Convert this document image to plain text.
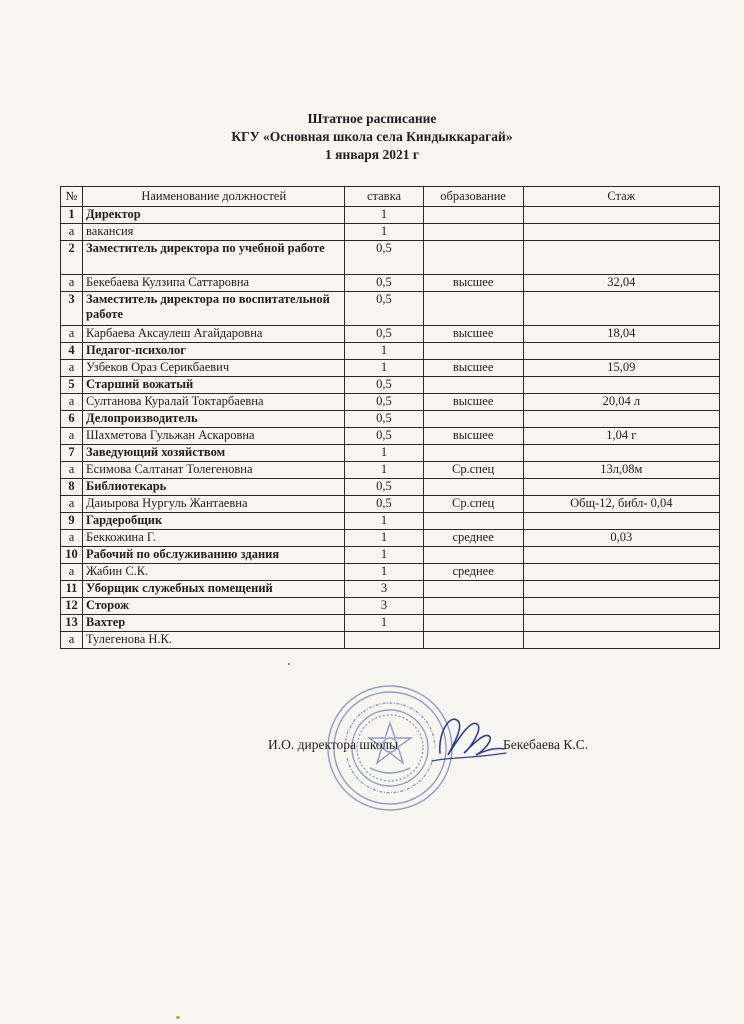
Штатное расписание
КГУ «Основная школа села Киндыккарагай»
1 января 2021 г
№	Наименование должностей	ставка	образование	Стаж
1	Директор	1		
а	вакансия	1		
2	Заместитель директора по учебной работе	0,5		
а	Бекебаева Кулзипа Саттаровна	0,5	высшее	32,04
3	Заместитель директора по воспитательной работе	0,5		
а	Карбаева Аксаулеш Агайдаровна	0,5	высшее	18,04
4	Педагог-психолог	1		
а	Узбеков Ораз Серикбаевич	1	высшее	15,09
5	Старший вожатый	0,5		
а	Султанова Куралай Токтарбаевна	0,5	высшее	20,04 л
6	Делопроизводитель	0,5		
а	Шахметова Гульжан Аскаровна	0,5	высшее	1,04 г
7	Заведующий хозяйством	1		
а	Есимова Салтанат Толегеновна	1	Ср.спец	13л,08м
8	Библиотекарь	0,5		
а	Даиырова Нургуль Жантаевна	0,5	Ср.спец	Общ-12, библ- 0,04
9	Гардеробщик	1		
а	Беккожина Г.	1	среднее	0,03
10	Рабочий по обслуживанию здания	1		
а	Жабин С.К.	1	среднее	
11	Уборщик служебных помещений	3		
12	Сторож	3		
13	Вахтер	1		
а	Тулегенова Н.К.			
И.О. директора школы	Бекебаева К.С.
